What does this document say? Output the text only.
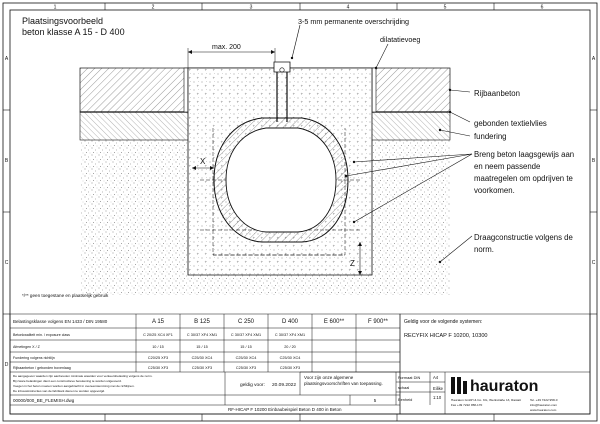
1	2	3	4	5	6
A
B
C
D
A
B
C
Plaatsingsvoorbeeld
beton klasse A 15 - D 400
X
Z
max. 200
3-5 mm permanente overschrijding
dilatatievoeg
Rijbaanbeton
gebonden textielvlies
fundering
Breng beton laagsgewijs aan
en neem passende
maatregelen om opdrijven te
voorkomen.
Draagconstructie volgens de
norm.
*/** geen toegestane en plaatselijk gebruik
Belastingsklasse volgens EN 1433 / DIN 19580	A 15	B 125	C 250	D 400	E 600**	F 900**
Betonkwaliteit min. / exposure class	C 20/25 XC4 XF1	C 30/37 XF4 XM1	C 30/37 XF4 XM1	C 30/37 XF4 XM1
Afmetingen X / Z	10 / 15	15 / 15	15 / 15	20 / 20
Fundering volgens richtlijn	C20/25 XF3	C25/30 XC4	C25/30 XC4	C25/30 XC4
Rijbaanbeton / gebonden bovenlaag	C25/30 XF3	C25/30 XF3	C25/30 XF3	C25/30 XF3
De aangegeven waarden zijn aanbevolen minimale waarden voor verkeersbelasting volgens de norm.
Bij zware belastingen dient een constructieve berekening te worden uitgevoerd.
Voegen in het beton moeten worden aangebracht in overeenstemming met de richtlijnen.
De inbouwinstructies van de fabrikant dienen te worden opgevolgd.
geldig voor: 20.09.2022
00000/000_BE_FLEMISH.dwg	5
RF-HICAP F 10200 Einbaubeispiel Beton D 400 in Beton
Geldig voor de volgende systemen:
RECYFIX HICAP F 10200, 10300
Voor zijn onze algemene
plaatsingsvoorschriften van toepassing.
Formaat DIN	A4
schaal
1:10
Eenheid
Eilike hauraton
Hauraton GmbH & Co. KG, Werkstraße 13, Rastatt	Tel. +49 7222 958-0
Fax +49 7222 958-170	info@hauraton.com
www.hauraton.com
